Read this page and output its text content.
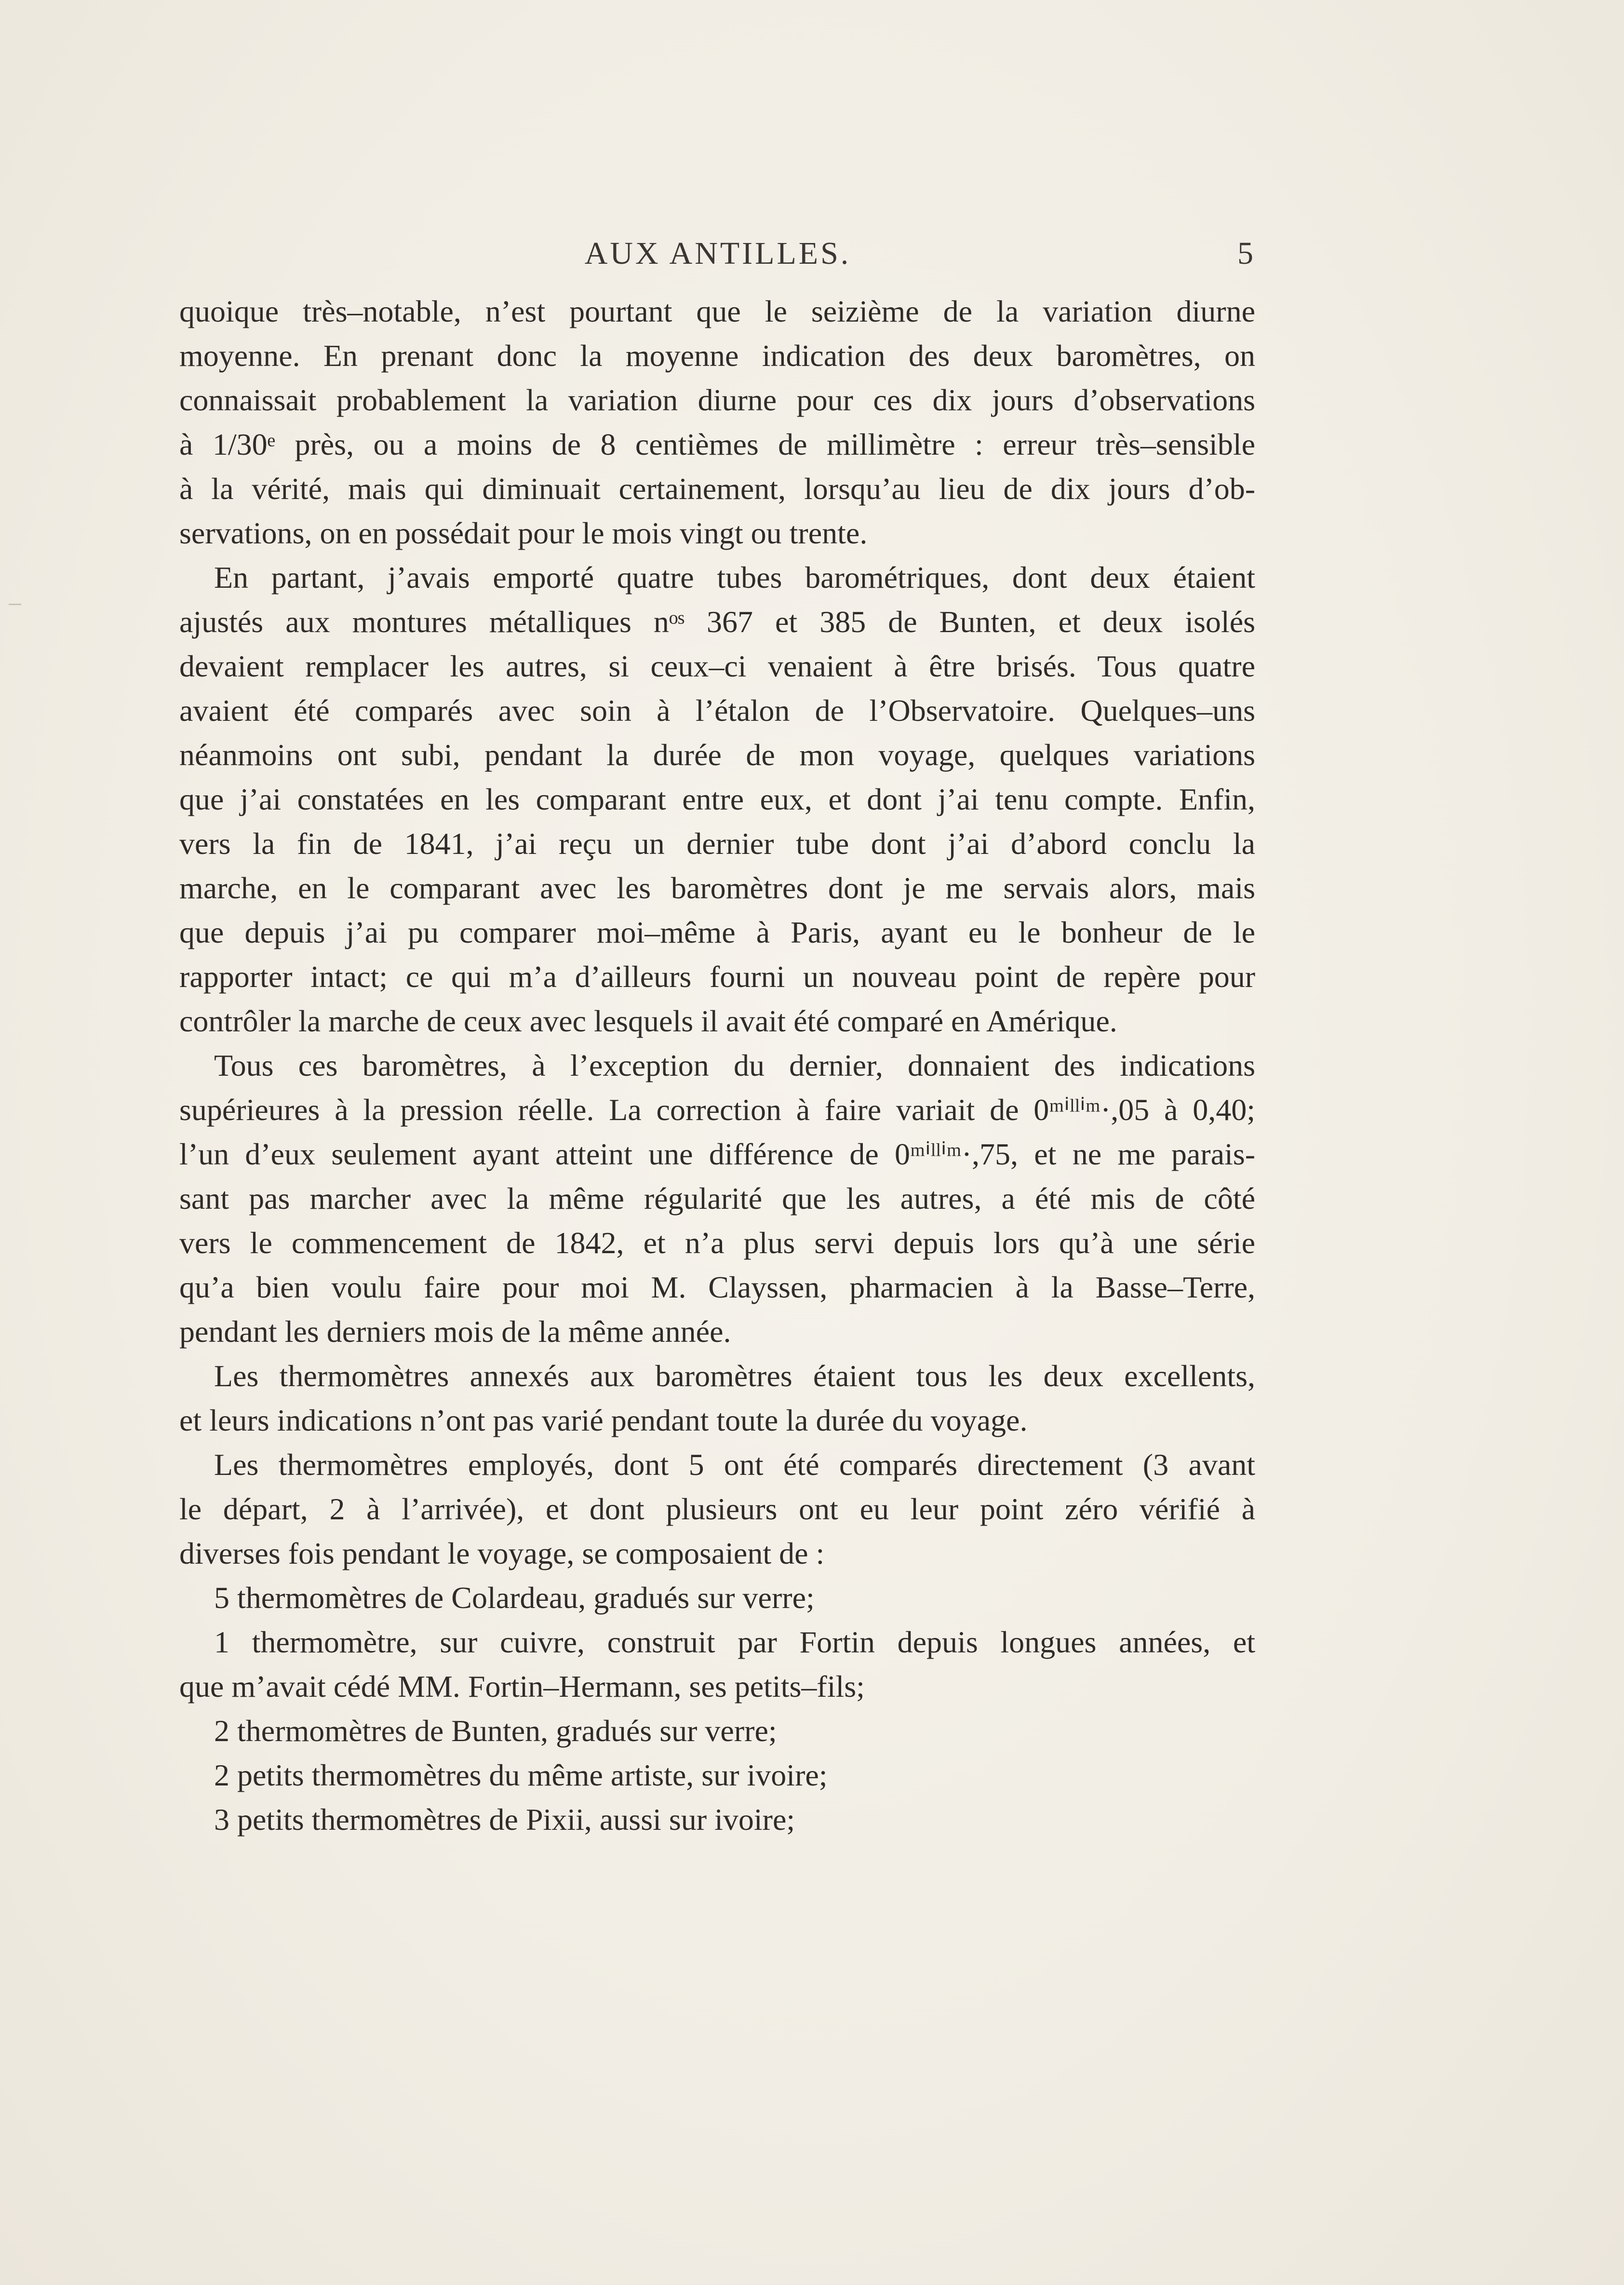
AUX ANTILLES.	5
quoique très–notable, n’est pourtant que le seizième de la variation diurne
moyenne. En prenant donc la moyenne indication des deux baromètres, on
connaissait probablement la variation diurne pour ces dix jours d’observations
à 1/30ᵉ près, ou a moins de 8 centièmes de millimètre : erreur très–sensible
à la vérité, mais qui diminuait certainement, lorsqu’au lieu de dix jours d’ob-
servations, on en possédait pour le mois vingt ou trente.
En partant, j’avais emporté quatre tubes barométriques, dont deux étaient
ajustés aux montures métalliques nᵒˢ 367 et 385 de Bunten, et deux isolés
devaient remplacer les autres, si ceux–ci venaient à être brisés. Tous quatre
avaient été comparés avec soin à l’étalon de l’Observatoire. Quelques–uns
néanmoins ont subi, pendant la durée de mon voyage, quelques variations
que j’ai constatées en les comparant entre eux, et dont j’ai tenu compte. Enfin,
vers la fin de 1841, j’ai reçu un dernier tube dont j’ai d’abord conclu la
marche, en le comparant avec les baromètres dont je me servais alors, mais
que depuis j’ai pu comparer moi–même à Paris, ayant eu le bonheur de le
rapporter intact; ce qui m’a d’ailleurs fourni un nouveau point de repère pour
contrôler la marche de ceux avec lesquels il avait été comparé en Amérique.
Tous ces baromètres, à l’exception du dernier, donnaient des indications
supérieures à la pression réelle. La correction à faire variait de 0ᵐⁱˡˡⁱᵐ·,05 à 0,40;
l’un d’eux seulement ayant atteint une différence de 0ᵐⁱˡˡⁱᵐ·,75, et ne me parais-
sant pas marcher avec la même régularité que les autres, a été mis de côté
vers le commencement de 1842, et n’a plus servi depuis lors qu’à une série
qu’a bien voulu faire pour moi M. Clayssen, pharmacien à la Basse–Terre,
pendant les derniers mois de la même année.
Les thermomètres annexés aux baromètres étaient tous les deux excellents,
et leurs indications n’ont pas varié pendant toute la durée du voyage.
Les thermomètres employés, dont 5 ont été comparés directement (3 avant
le départ, 2 à l’arrivée), et dont plusieurs ont eu leur point zéro vérifié à
diverses fois pendant le voyage, se composaient de :
5 thermomètres de Colardeau, gradués sur verre;
1 thermomètre, sur cuivre, construit par Fortin depuis longues années, et
que m’avait cédé MM. Fortin–Hermann, ses petits–fils;
2 thermomètres de Bunten, gradués sur verre;
2 petits thermomètres du même artiste, sur ivoire;
3 petits thermomètres de Pixii, aussi sur ivoire;
